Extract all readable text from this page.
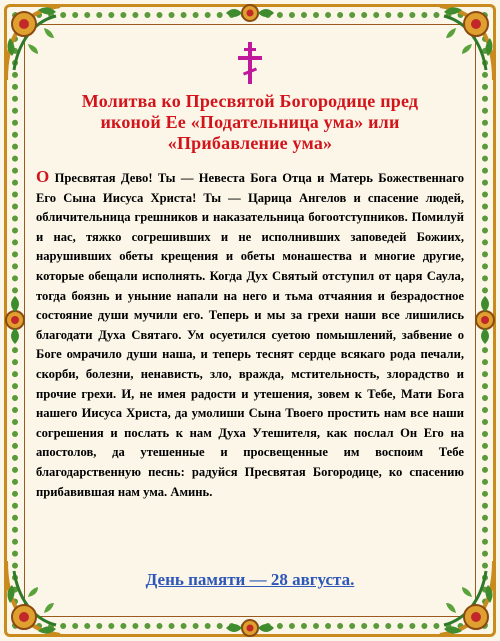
Молитва ко Пресвятой Богородице пред иконой Ее «Подательница ума» или «Прибавление ума»
О Пресвятая Дево! Ты — Невеста Бога Отца и Матерь Божественнаго Его Сына Иисуса Христа! Ты — Царица Ангелов и спасение людей, обличительница грешников и наказательница богоотступников. Помилуй и нас, тяжко согрешивших и не исполнивших заповедей Божиих, нарушивших обеты крещения и обеты монашества и многие другие, которые обещали исполнять. Когда Дух Святый отступил от царя Саула, тогда боязнь и уныние напали на него и тьма отчаяния и безрадостное состояние души мучили его. Теперь и мы за грехи наши все лишились благодати Духа Святаго. Ум осуетился суетою помышлений, забвение о Боге омрачило души наша, и теперь теснят сердце всякаго рода печали, скорби, болезни, ненависть, зло, вражда, мстительность, злорадство и прочие грехи. И, не имея радости и утешения, зовем к Тебе, Мати Бога нашего Иисуса Христа, да умолиши Сына Твоего простить нам все наши согрешения и послать к нам Духа Утешителя, как послал Он Его на апостолов, да утешенные и просвещенные им воспоим Тебе благодарственную песнь: радуйся Пресвятая Богородице, ко спасению прибавившая нам ума. Аминь.
День памяти — 28 августа.
